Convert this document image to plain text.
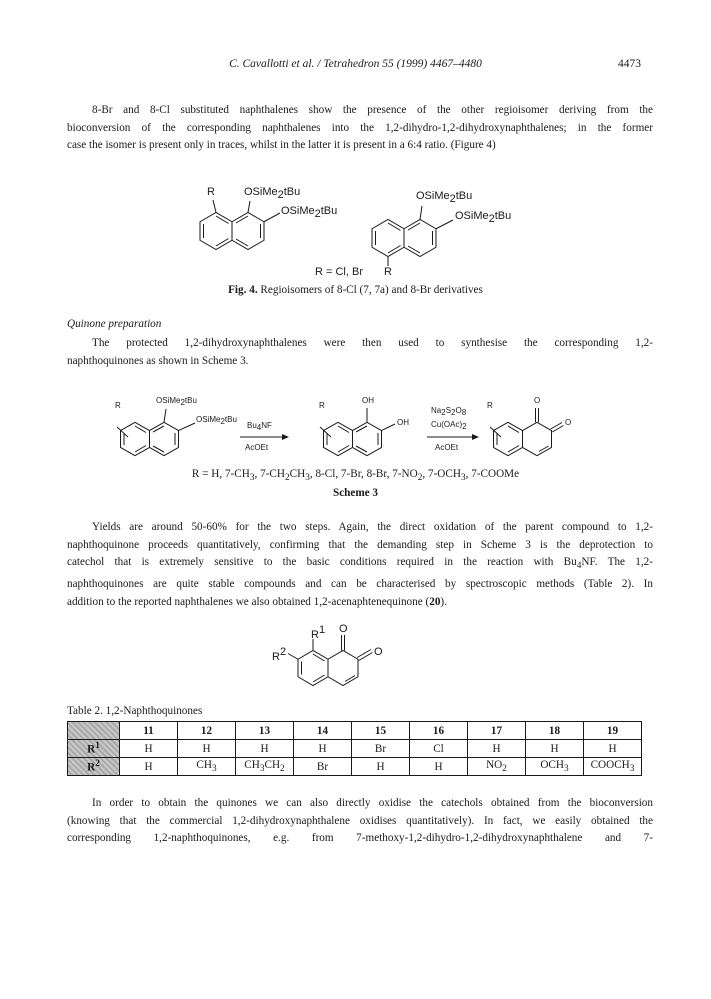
C. Cavallotti et al. / Tetrahedron 55 (1999) 4467–4480	4473
8-Br and 8-Cl substituted naphthalenes show the presence of the other regioisomer deriving from the
bioconversion of the corresponding naphthalenes into the 1,2-dihydro-1,2-dihydroxynaphthalenes; in the former
case the isomer is present only in traces, whilst in the latter it is present in a 6:4 ratio. (Figure 4)
R	OSiMe2tBu
OSiMe2tBu
OSiMe2tBu
OSiMe2tBu
R
R = Cl, Br
Fig. 4. Regioisomers of 8-Cl (7, 7a) and 8-Br derivatives
Quinone preparation
The protected 1,2-dihydroxynaphthalenes were then used to synthesise the corresponding 1,2-
naphthoquinones as shown in Scheme 3.
R
OSiMe2tBu
OSiMe2tBu
Bu4NF
AcOEt
R
OH
OH
Na2S2O8
Cu(OAc)2
AcOEt
R
O
O
R = H, $7-CH_3$, $7-CH_2CH_3$, 8-Cl, 7-Br, 8-Br, $7-NO_2$, $7-OCH_3$, 7-COOMe
Scheme 3
Yields are around 50-60% for the two steps. Again, the direct oxidation of the parent compound to 1,2-
naphthoquinone proceeds quantitatively, confirming that the demanding step in Scheme 3 is the deprotection to
catechol that is extremely sensitive to the basic conditions required in the reaction with $Bu_4NF$. The 1,2-
naphthoquinones are quite stable compounds and can be characterised by spectroscopic methods (Table 2). In
addition to the reported naphthalenes we also obtained 1,2-acenaphtenequinone (20).
R1
R2
O
O
Table 2. 1,2-Naphthoquinones
	11	12	13	14	15	16	17	18	19
$R^1$	H	H	H	H	Br	Cl	H	H	H
$R^2$	H	$CH_3$	$CH_3CH_2$	Br	H	H	$NO_2$	$OCH_3$	$COOCH_3$
In order to obtain the quinones we can also directly oxidise the catechols obtained from the bioconversion
(knowing that the commercial 1,2-dihydroxynaphthalene oxidises quantitatively). In fact, we easily obtained the
corresponding 1,2-naphthoquinones, e.g. from 7-methoxy-1,2-dihydro-1,2-dihydroxynaphthalene and 7-
